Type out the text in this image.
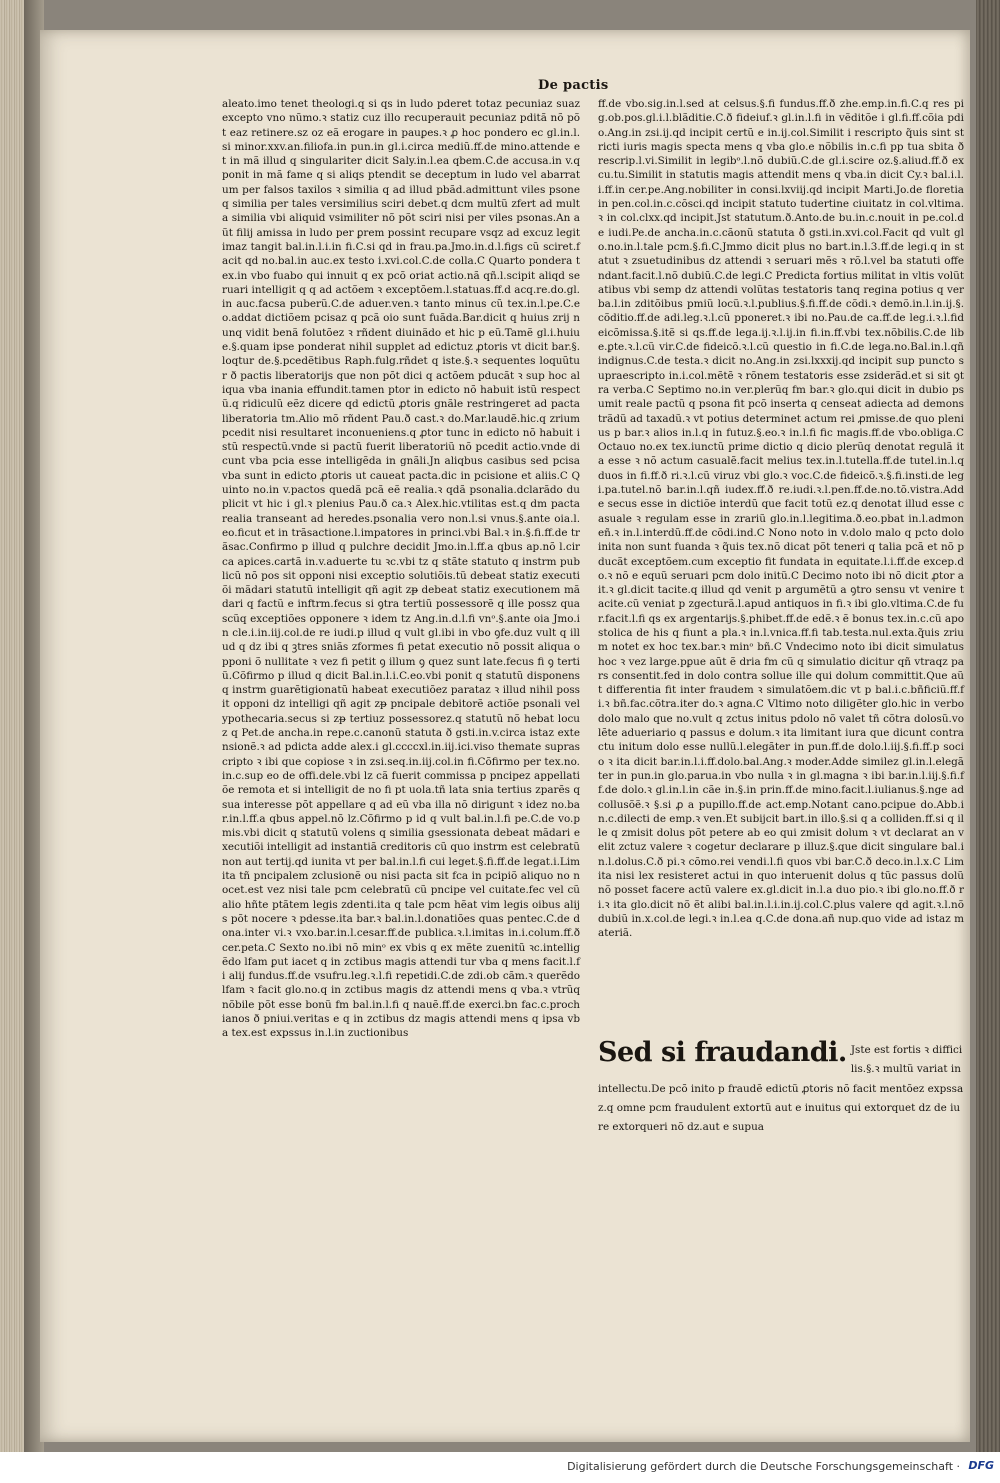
De pactis
aleato.imo tenet theologi.q si qs in ludo pderet totaz pecuniaz suaz excepto vno nũmo.ꝛ statiz cuz illo recuperauit pecuniaz pditã nõ põt eaz retinere.sz oz eã erogare in pauꝑes.ꝛ ꝓ hoc pondero ec gl.in.l.si minor.xxv.an.filiofa.in pun.in gl.i.circa mediũ.ff.de mino.attende et in mã illud q singulariter dicit Saly.in.l.ea qbem.C.de accusa.in v.q ponit in mã fame q si aliqs ptendit se deceptum in ludo vel abarratum per falsos taxilos ꝛ similia q ad illud pbãd.admittunt viles psone q similia per tales versimilius sciri debet.q dcm multũ zfert ad multa similia vbi aliquid vsimiliter nõ põt sciri nisi per viles psonas.An aũt filij amissa in ludo per ꝑrem possint recupare vsqz ad excuz legitimaz tangit bal.in.l.i.in fi.C.si qd in frau.pa.Jmo.in.d.l.figs cũ sciret.facit qd no.bal.in auc.ex testo i.xvi.col.C.de colla.C Quarto pondera tex.in vbo fuabo qui innuit q ex pcõ oriat actio.nã qñ.l.scipit aliqd seruari intelligit q q ad actõem ꝛ exceptõem.l.statuas.ff.d acq.re.do.gl.in auc.facsa puberũ.C.de aduer.ven.ꝛ tanto minus cũ tex.in.l.pe.C.eo.addat dictiõem pcisaz q pcã oio sunt fuãda.Bar.dicit q huius zrij nunq vidit benã folutõez ꝛ rñdent diuinãdo et hic p eũ.Tamẽ gl.i.huiue.§.quam ipse ponderat nihil supplet ad edictuz ꝓtoris vt dicit bar.§.loqtur de.§.pcedẽtibus Raph.fulg.rñdet q iste.§.ꝛ sequentes loquũtur ð pactis liberatorijs que non põt dici q actõem pducãt ꝛ sup hoc aliqua vba inania effundit.tamen ptor in edicto nõ habuit istũ respectũ.q ridiculũ eẽz dicere qd edictũ ꝓtoris gnãle restringeret ad pacta liberatoria tm.Alio mõ rñdent Pau.ð cast.ꝛ do.Mar.laudẽ.hic.q zrium pcedit nisi resultaret inconueniens.q ꝓtor tunc in edicto nõ habuit istũ respectũ.vnde si pactũ fuerit liberatoriũ nõ pcedit actio.vnde dicunt vba pcia esse intelligẽda in gnãli.Jn aliqbus casibus sed pcisa vba sunt in edicto ꝓtoris ut caueat pacta.dic in pcisione et aliis.C Quinto no.in v.pactos quedã pcã eẽ realia.ꝛ qdã psonalia.dclarãdo duplicit vt hic i gl.ꝛ plenius Pau.ð ca.ꝛ Alex.hic.vtilitas est.q dm pacta realia transeant ad heredes.psonalia vero non.l.si vnus.§.ante oia.l.eo.ficut et in trãsactione.l.impatores in princi.vbi Bal.ꝛ in.§.fi.ff.de trãsac.Confirmo p illud q pulchre decidit Jmo.in.l.ff.a qbus ap.nõ l.circa apices.cartã in.v.aduerte tu ꝛc.vbi tz q stãte statuto q instrm publicũ nõ pos sit opponi nisi exceptio solutiõis.tũ debeat statiz executiõi mãdari statutũ intelligit qñ agit zᵽ debeat statiz executionem mãdari q factũ e inftrm.fecus si ꝯtra tertiũ possessorẽ q ille possz quascũq exceptiões opponere ꝛ idem tz Ang.in.d.l.fi vnᵒ.§.ante oia Jmo.in cle.i.in.iij.col.de re iudi.p illud q vult gl.ibi in vbo ꝯfe.duz vult q illud q dz ibi q ꝫtres sniãs zformes fi petat executio nõ possit aliqua opponi õ nullitate ꝛ vez fi petit ꝯ illum ꝯ quez sunt late.fecus fi ꝯ tertiũ.Cõfirmo p illud q dicit Bal.in.l.i.C.eo.vbi ponit q statutũ disponens q instrm guarẽtigionatũ habeat executiõez parataz ꝛ illud nihil possit opponi dz intelligi qñ agit zᵽ pncipale debitorẽ actiõe psonali vel ypothecaria.secus si zᵽ tertiuz possessorez.q statutũ nõ hebat locuz q Pet.de ancha.in repe.c.canonũ statuta ð gsti.in.v.circa istaz extensionẽ.ꝛ ad pdicta adde alex.i gl.ccccxl.in.iij.ici.viso themate suprascripto ꝛ ibi que copiose ꝛ in zsi.seq.in.iij.col.in fi.Cõfirmo per tex.no.in.c.sup eo de offi.dele.vbi lz cã fuerit commissa p pncipez appellatiõe remota et si intelligit de no fi pt uola.tñ lata snia tertius zparẽs q sua interesse põt appellare q ad eũ vba illa nõ dirigunt ꝛ idez no.bar.in.l.ff.a qbus appel.nõ lz.Cõfirmo p id q vult bal.in.l.fi pe.C.de vo.pmis.vbi dicit q statutũ volens q similia gsessionata debeat mãdari executiõi intelligit ad instantiã creditoris cũ quo instrm est celebratũ non aut tertij.qd iunita vt per bal.in.l.fi cui leget.§.fi.ff.de legat.i.Limita tñ pncipalem zclusionẽ ou nisi pacta sit fca in pcipiõ aliquo no nocet.est vez nisi tale pcm celebratũ cũ pncipe vel cuitate.fec vel cũ alio hñte ptãtem legis zdenti.ita q tale pcm hẽat vim legis oibus alijs põt nocere ꝛ pdesse.ita bar.ꝛ bal.in.l.donatiões quas pentec.C.de dona.inter vi.ꝛ vxo.bar.in.l.cesar.ff.de publica.ꝛ.l.imitas in.i.colum.ff.ð cer.peta.C Sexto no.ibi nõ minᵒ ex vbis q ex mẽte zuenitũ ꝛc.intelligẽdo lfam ꝑut iacet q in zctibus magis attendi tur vba q mens facit.l.fi alij fundus.ff.de vsufru.leg.ꝛ.l.fi repetidi.C.de zdi.ob cãm.ꝛ querẽdo lfam ꝛ facit glo.no.q in zctibus magis dz attendi mens q vba.ꝛ vtrũq nõbile põt esse bonũ fm bal.in.l.fi q nauẽ.ff.de exerci.bn fac.c.prochianos ð pniui.veritas e q in zctibus dz magis attendi mens q ipsa vba tex.est expssus in.l.in zuctionibus
ff.de vbo.sig.in.l.sed at celsus.§.fi fundus.ff.ð zhe.emp.in.fi.C.q res pig.ob.pos.gl.i.l.blãditie.C.ð fideiuf.ꝛ gl.in.l.fi in vẽditõe i gl.fi.ff.cõia pdio.Ang.in zsi.ij.qd incipit certũ e in.ij.col.Similit i rescripto q̃uis sint stricti iuris magis specta mens q vba glo.e nõbilis in.c.fi pp tua sbita ð rescrip.l.vi.Similit in legibᵒ.l.nõ dubiũ.C.de gl.i.scire oz.§.aliud.ff.ð excu.tu.Similit in statutis magis attendit mens q vba.in dicit Cy.ꝛ bal.i.l.i.ff.in cer.pe.Ang.nobiliter in consi.lxviij.qd incipit Marti.Jo.de floretia in pen.col.in.c.cõsci.qd incipit statuto tudertine ciuitatz in col.vltima.ꝛ in col.clxx.qd incipit.Jst statutum.ð.Anto.de bu.in.c.nouit in pe.col.de iudi.Pe.de ancha.in.c.cãonũ statuta ð gsti.in.xvi.col.Facit qd vult glo.no.in.l.tale pcm.§.fi.C.Jmmo dicit plus no bart.in.l.3.ff.de legi.q in statut ꝛ zsuetudinibus dz attendi ꝛ seruari mẽs ꝛ rõ.l.vel ba statuti offendant.facit.l.nõ dubiũ.C.de legi.C Predicta fortius militat in vltis volũtatibus vbi semp dz attendi volũtas testatoris tanq regina potius q verba.l.in zditõibus pmiũ locũ.ꝛ.l.publius.§.fi.ff.de cõdi.ꝛ demõ.in.l.in.ij.§.cõditio.ff.de adi.leg.ꝛ.l.cũ pponeret.ꝛ ibi no.Pau.de ca.ff.de leg.i.ꝛ.l.fideicõmissa.§.itẽ si qs.ff.de lega.ij.ꝛ.l.ij.in fi.in.ff.vbi tex.nõbilis.C.de libe.ꝑte.ꝛ.l.cũ vir.C.de fideicõ.ꝛ.l.cũ questio in fi.C.de lega.no.Bal.in.l.qñ indignus.C.de testa.ꝛ dicit no.Ang.in zsi.lxxxij.qd incipit sup puncto supraescripto in.i.col.mẽtẽ ꝛ rõnem testatoris esse zsiderãd.et si sit ꝯtra verba.C Septimo no.in ver.plerũq fm bar.ꝛ glo.qui dicit in dubio psumit reale pactũ q psona fit pcõ inserta q censeat adiecta ad demonstrãdũ ad taxadũ.ꝛ vt potius determinet actum rei ꝓmisse.de quo plenius p bar.ꝛ alios in.l.q in futuz.§.eo.ꝛ in.l.fi fic magis.ff.de vbo.obliga.C Octauo no.ex tex.iunctũ prime dictio q dicio plerũq denotat regulã ita esse ꝛ nõ actum casualẽ.facit melius tex.in.l.tutella.ff.de tutel.in.l.q duos in fi.ff.ð ri.ꝛ.l.cũ viruz vbi glo.ꝛ voc.C.de fideicõ.ꝛ.§.fi.insti.de legi.pa.tutel.nõ bar.in.l.qñ iudex.ff.ð re.iudi.ꝛ.l.pen.ff.de.no.tõ.vistra.Adde secus esse in dictiõe interdũ que facit totũ ez.q denotat illud esse casuale ꝛ regulam esse in zrariũ glo.in.l.legitima.ð.eo.pbat in.l.admoneñ.ꝛ in.l.interdũ.ff.de cõdi.ind.C Nono noto in v.dolo malo q pcto dolo inita non sunt fuanda ꝛ q̃uis tex.nõ dicat põt teneri q talia pcã et nõ pducãt exceptõem.cum exceptio fit fundata in equitate.l.i.ff.de excep.do.ꝛ nõ e equũ seruari pcm dolo initũ.C Decimo noto ibi nõ dicit ꝓtor ait.ꝛ gl.dicit tacite.q illud qd venit p argumẽtũ a ꝯtro sensu vt venire tacite.cũ veniat p zgecturã.l.apud antiquos in fi.ꝛ ibi glo.vltima.C.de fur.facit.l.fi qs ex argentarijs.§.phibet.ff.de edẽ.ꝛ ẽ bonus tex.in.c.cũ apostolica de his q fiunt a pla.ꝛ in.l.vnica.ff.fi tab.testa.nul.exta.q̃uis zrium notet ex hoc tex.bar.ꝛ minᵒ bñ.C Vndecimo noto ibi dicit simulatus hoc ꝛ vez large.pꝑue aũt ẽ dria fm cũ q simulatio dicitur qñ vtraqz pars consentit.fed in dolo contra sollue ille qui dolum committit.Que aũt differentia fit inter fraudem ꝛ simulatõem.dic vt p bal.i.c.bñficiũ.ff.fi.ꝛ bñ.fac.cõtra.iter do.ꝛ agna.C Vltimo noto diligẽter glo.hic in verbo dolo malo que no.vult q zctus initus pdolo nõ valet tñ cõtra dolosũ.volẽte adueriario q passus e dolum.ꝛ ita limitant iura que dicunt contractu initum dolo esse nullũ.l.elegãter in pun.ff.de dolo.l.iij.§.fi.ff.p socio ꝛ ita dicit bar.in.l.i.ff.dolo.bal.Ang.ꝛ moder.Adde similez gl.in.l.elegãter in pun.in glo.parua.in vbo nulla ꝛ in gl.magna ꝛ ibi bar.in.l.iij.§.fi.ff.de dolo.ꝛ gl.in.l.in cãe in.§.in prin.ff.de mino.facit.l.iulianus.§.nge ad collusõẽ.ꝛ §.si ꝓ a pupillo.ff.de act.emp.Notant cano.pcipue do.Abb.in.c.dilecti de emp.ꝛ ven.Et subijcit bart.in illo.§.si q a colliden.ff.si q ille q zmisit dolus põt petere ab eo qui zmisit dolum ꝛ vt declarat an velit zctuz valere ꝛ cogetur declarare p illuz.§.que dicit singulare bal.in.l.dolus.C.ð pi.ꝛ cõmo.rei vendi.l.fi quos vbi bar.C.ð deco.in.l.x.C Limita nisi lex resisteret actui in quo interuenit dolus q tũc passus dolũ nõ posset facere actũ valere ex.gl.dicit in.l.a duo pio.ꝛ ibi glo.no.ff.ð ri.ꝛ ita glo.dicit nõ ẽt alibi bal.in.l.i.in.ij.col.C.plus valere qd agit.ꝛ.l.nõ dubiũ in.x.col.de legi.ꝛ in.l.ea q.C.de dona.añ nup.quo vide ad istaz materiã.
Sed si fraudandi. Jste est fortis ꝛ difficilis.§.ꝛ multũ variat in intellectu.De pcõ inito p fraudẽ edictũ ꝓtoris nõ facit mentõez expssaz.q omne pcm fraudulent extortũ aut e inuitus qui extorquet dz de iure extorqueri nõ dz.aut e supua
Digitalisierung gefördert durch die Deutsche Forschungsgemeinschaft · DFG
